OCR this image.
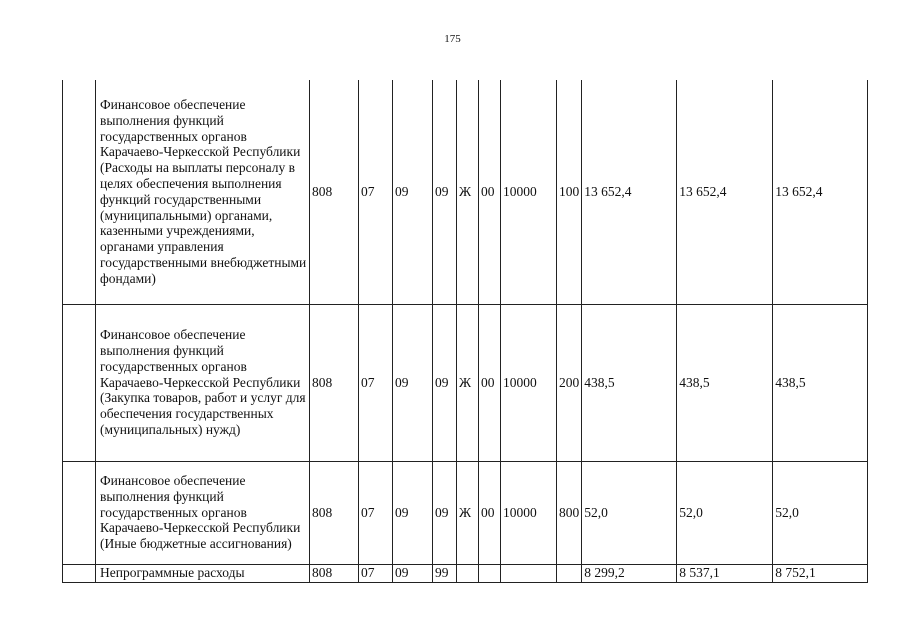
175
	Финансовое обеспечение выполнения функций государственных органов Карачаево-Черкесской Республики (Расходы на выплаты персоналу в целях обеспечения выполнения функций государственными (муниципальными) органами, казенными учреждениями, органами управления государственными внебюджетными фондами)	808	07	09	09	Ж	00	10000	100	13 652,4	13 652,4	13 652,4
	Финансовое обеспечение выполнения функций государственных органов Карачаево-Черкесской Республики (Закупка товаров, работ и услуг для обеспечения государственных (муниципальных) нужд)	808	07	09	09	Ж	00	10000	200	438,5	438,5	438,5
	Финансовое обеспечение выполнения функций государственных органов Карачаево-Черкесской Республики (Иные бюджетные ассигнования)	808	07	09	09	Ж	00	10000	800	52,0	52,0	52,0
	Непрограммные расходы	808	07	09	99					8 299,2	8 537,1	8 752,1
